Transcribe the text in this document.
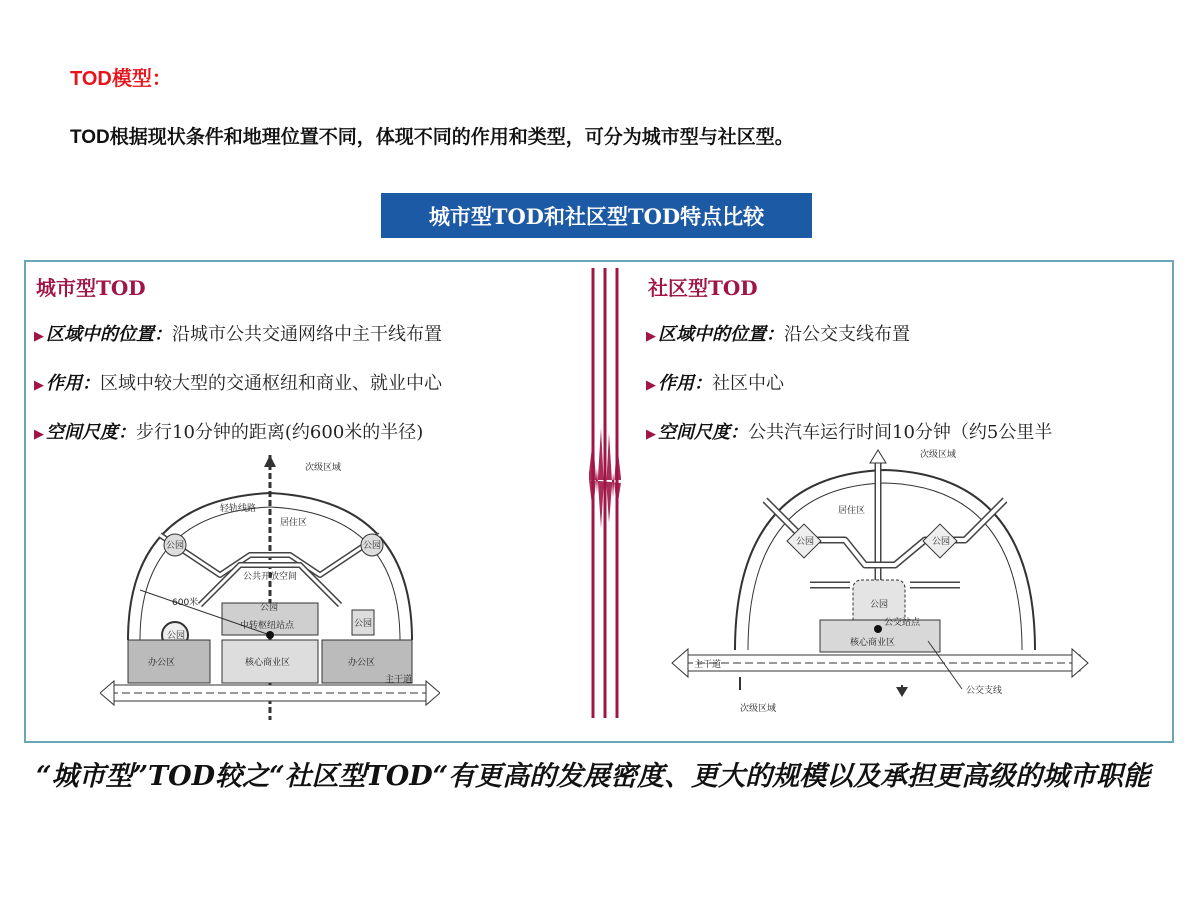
TOD模型：
TOD根据现状条件和地理位置不同，体现不同的作用和类型，可分为城市型与社区型。
城市型TOD和社区型TOD特点比较
城市型TOD
▶ 区域中的位置：沿城市公共交通网络中主干线布置
▶ 作用：区域中较大型的交通枢纽和商业、就业中心
▶ 空间尺度：步行10分钟的距离(约600米的半径)
社区型TOD
▶ 区域中的位置：沿公交支线布置
▶ 作用：社区中心
▶ 空间尺度：公共汽车运行时间10分钟（约5公里半
次级区域
轻轨线路
居住区
公园	公园
公共开放空间
600米	公园
中转枢纽站点	公园
公园
办公区	核心商业区	办公区
主干道
次级区域
居住区
公园	公园
公园
公交站点
核心商业区
主干道
公交支线
次级区域
“城市型”TOD较之“社区型TOD“有更高的发展密度、更大的规模以及承担更高级的城市职能
